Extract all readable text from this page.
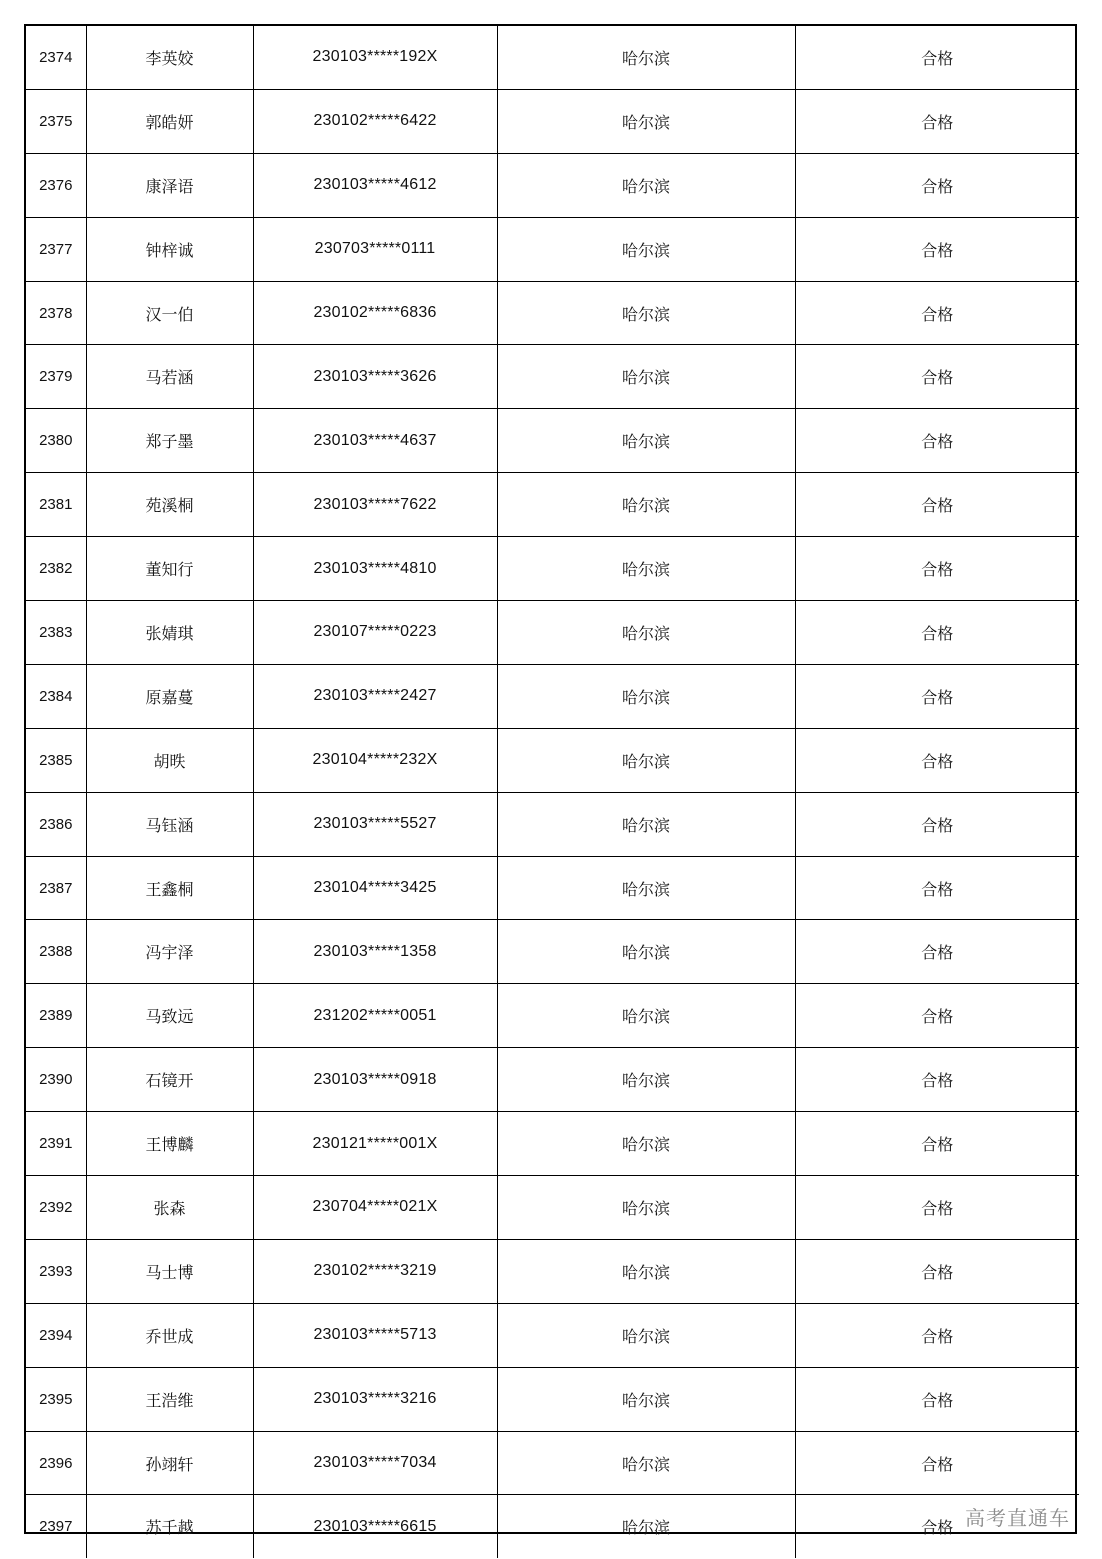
2374	李英姣	230103*****192X	哈尔滨	合格
2375	郭皓妍	230102*****6422	哈尔滨	合格
2376	康泽语	230103*****4612	哈尔滨	合格
2377	钟梓诚	230703*****0111	哈尔滨	合格
2378	汉一伯	230102*****6836	哈尔滨	合格
2379	马若涵	230103*****3626	哈尔滨	合格
2380	郑子墨	230103*****4637	哈尔滨	合格
2381	苑溪桐	230103*****7622	哈尔滨	合格
2382	董知行	230103*****4810	哈尔滨	合格
2383	张婧琪	230107*****0223	哈尔滨	合格
2384	原嘉蔓	230103*****2427	哈尔滨	合格
2385	胡昳	230104*****232X	哈尔滨	合格
2386	马钰涵	230103*****5527	哈尔滨	合格
2387	王鑫桐	230104*****3425	哈尔滨	合格
2388	冯宇泽	230103*****1358	哈尔滨	合格
2389	马致远	231202*****0051	哈尔滨	合格
2390	石镜开	230103*****0918	哈尔滨	合格
2391	王博麟	230121*****001X	哈尔滨	合格
2392	张森	230704*****021X	哈尔滨	合格
2393	马士博	230102*****3219	哈尔滨	合格
2394	乔世成	230103*****5713	哈尔滨	合格
2395	王浩维	230103*****3216	哈尔滨	合格
2396	孙翊轩	230103*****7034	哈尔滨	合格
2397	苏千越	230103*****6615	哈尔滨	合格 高考直通车
